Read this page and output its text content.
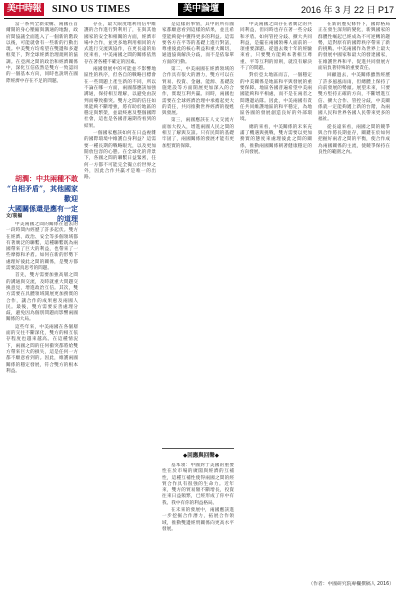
美中時報	SINO US TIMES	美中論壇	2016 年 3 月 22 日 P17

當一系列全新架構、兩國在首爾開的身心壓縮與溝通的地點，政府間協議全面進入了一個新的階段以後，可能就會有一些新的行動出現。中美雙方均希望在雙邊和多邊框架下，對全球經濟治理規則的協調。在亞洲之間的政治和經濟關係中，深化互信依然是雙方一致認同的一個基本方向，同時也說明在國際經濟中存在不足的問題。

胡潤：中共兩種不敢
“自相矛盾”，其他國家歡迎
大國關係還是應有一定的道理
文/袁福

中美兩國之間的關係在過去的一段時間內經歷了許多起伏。雙方在經濟、政治、安全等多個領域都有著廣泛的聯繫，這種聯繫既為兩國帶來了巨大的利益，也帶來了一些摩擦和矛盾。如何在新的形勢下處理好彼此之間的關係，是雙方都需要認真思考的問題。

首先，雙方需要加強高層之間的溝通與交流，及時就重大問題交換意見，增進政治互信。其次，雙方需要在具體領域開展更加務實的合作，讓合作的成果惠及兩國人民。最後，雙方需要妥善處理分歧，避免因為個別問題而影響兩國關係的大局。

這些年來，中美兩國在各個層面的交往不斷深化，雙方的相互依存程度也越來越高。在這種情況下，兩國之間的任何衝突都將給雙方帶來巨大的損失，這是任何一方都不願意看到的。因此，維護兩國關係的穩定發展，符合雙方的根本利益。

存在，最大限度地利用信中維護的合作進行對利用了，在與其他國家的安全和相關的方面，經濟市場中合作，並更多地利用相同的方式進行交流與協作，在更長遠的角度來看，中美兩國之間的關係依然存在著各種不確定的因素。

兩國發展中的可能並不影響地區性的秩序，但各自的戰略目標會在一些問題上產生新的不同，所以不論在哪一方面，兩國都應該加強溝通，保持相互理解，以避免由誤判而導致衝突。雙方之間的信任如果能夠不斷增強，將有助於地區的穩定與繁榮，並最終惠及整個國際社會，這也是各國普遍期待看到的結果。

一個國家應該如何在日益複雜的國際環境中維護自身利益？這需要一種長期的戰略眼光，以及更加開放包容的心態。在全球化的背景下，各國之間的聯繫日益緊密，任何一方都不可能完全獨立於世界之外，因此合作共贏才是唯一的出路。

是這樣的事情，其中的所有國家都願意看到這樣的結果，並且希望能夠從中獲得更多的利益。這需要各方在平等的基礎上進行對話，尊重彼此的核心利益和重大關切，通過協商解決分歧，而不是依靠單方面的行動。

第二，中美兩國在經濟領域的合作具有很大的潛力，雙方可以在貿易、投資、金融、能源、基礎設施建設等方面開展更加深入的合作，實現互利共贏。同時，兩國也需要在全球經濟治理中承擔起更大的責任，共同推動世界經濟的復甦與發展。

第三，兩國應該在人文交流方面加大投入，增進兩國人民之間的相互了解與友誼。只有民間的基礎牢固了，兩國關係的發展才能有更加堅實的保障。

◆回應與回聲◆

基本領：中國對于美國的重要性在於市場的廣闊與經濟的互補性，這種互補性使得兩國之間的經貿合作具有很強的生命力。近年來，雙方的貿易額不斷增長，投資往來日益頻繁，已經形成了你中有我、我中有你的利益格局。

在未來的發展中，兩國應該進一步挖掘合作潛力，拓展合作領域，推動雙邊經貿關係向更高水平發展。

中美兩國之間存在著廣泛的共同利益，但同時也存在著一些分歧和矛盾。如何管控分歧、擴大共同利益，是擺在兩國領導人面前的一項重要課題。從過去幾十年的經驗來看，只要雙方能夠本著相互尊重、平等互利的原則，就沒有解決不了的問題。

對於亞太地區而言，一個穩定的中美關係是地區和平與發展的重要保障。地區各國普遍希望中美兩國能夠和平相處，而不是在兩者之間選邊站隊。因此，中美兩國有責任共同維護地區的和平穩定，為地區各國的發展創造良好的外部環境。

總的來看，中美關係的未來充滿了機遇與挑戰，雙方需要以更加務實的態度來處理彼此之間的關係，推動兩國關係朝著健康穩定的方向發展。

在新的歷史條件下，國際格局正在發生深刻的變化，新興國家的群體性崛起已經成為不可逆轉的趨勢，這對原有的國際秩序帶來了新的挑戰。中美兩國作為世界上最大的發展中國家和最大的發達國家，在維護世界和平、促進共同發展方面肩負著特殊的重要責任。

回顧過去，中美關係雖然經歷了許多風風雨雨，但總體上保持了向前發展的勢頭。展望未來，只要雙方堅持正確的方向，不斷增進互信、擴大合作、管控分歧，中美關係就一定能夠邁上新的台階，為兩國人民和世界各國人民帶來更多的福祉。

從長遠來看，兩國之間的競爭與合作將長期並存，關鍵在於如何把握好兩者之間的平衡，使合作成為兩國關係的主流，使競爭保持在良性的範圍之內。

（作者：中國研究院專欄撰稿人 2016）
